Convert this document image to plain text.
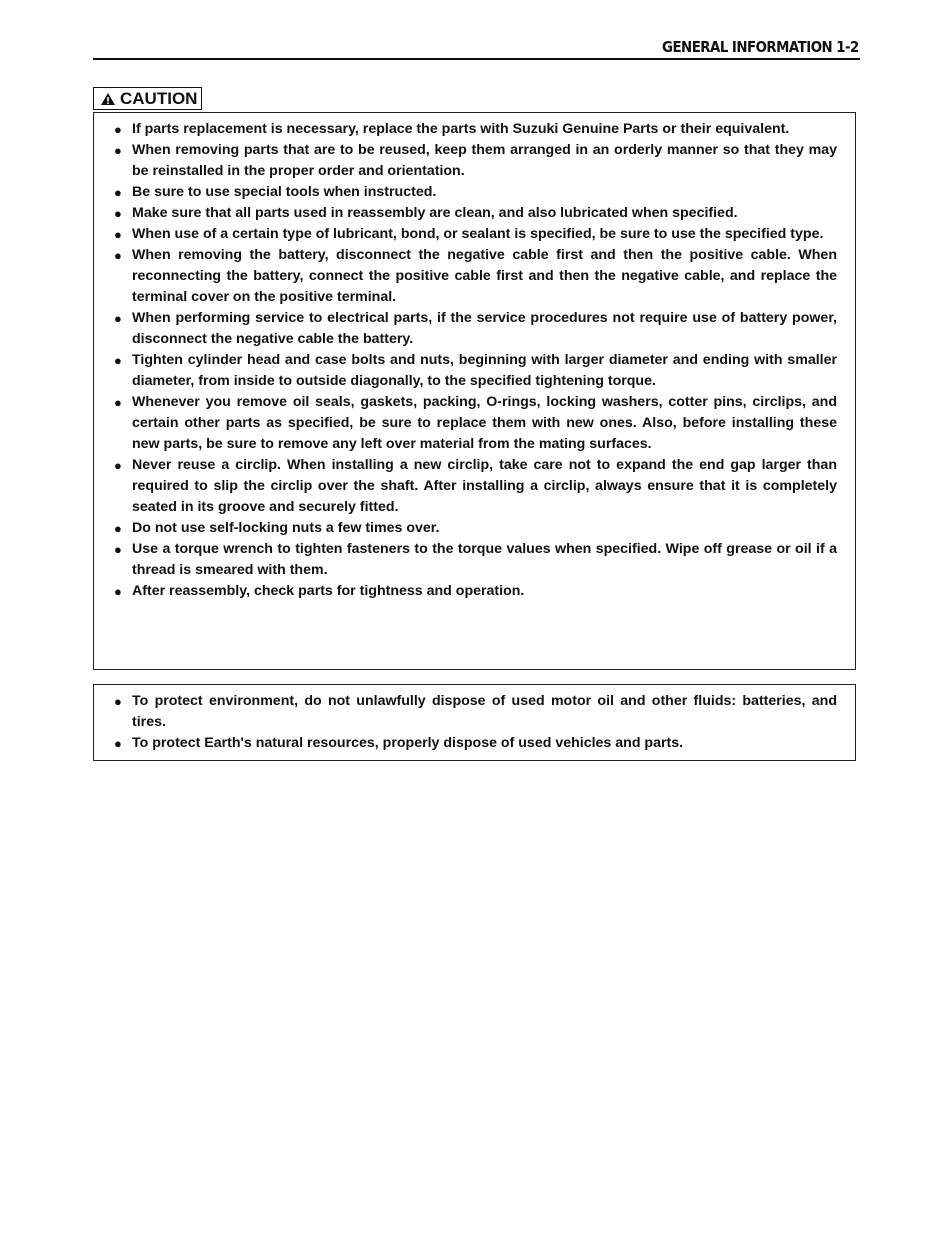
GENERAL INFORMATION 1-2
CAUTION
● If parts replacement is necessary, replace the parts with Suzuki Genuine Parts or their equivalent.
● When removing parts that are to be reused, keep them arranged in an orderly manner so that they may be reinstalled in the proper order and orientation.
● Be sure to use special tools when instructed.
● Make sure that all parts used in reassembly are clean, and also lubricated when specified.
● When use of a certain type of lubricant, bond, or sealant is specified, be sure to use the specified type.
● When removing the battery, disconnect the negative cable first and then the positive cable. When reconnecting the battery, connect the positive cable first and then the negative cable, and replace the terminal cover on the positive terminal.
● When performing service to electrical parts, if the service procedures not require use of battery power, disconnect the negative cable the battery.
● Tighten cylinder head and case bolts and nuts, beginning with larger diameter and ending with smaller diameter, from inside to outside diagonally, to the specified tightening torque.
● Whenever you remove oil seals, gaskets, packing, O-rings, locking washers, cotter pins, circlips, and certain other parts as specified, be sure to replace them with new ones. Also, before installing these new parts, be sure to remove any left over material from the mating surfaces.
● Never reuse a circlip. When installing a new circlip, take care not to expand the end gap larger than required to slip the circlip over the shaft. After installing a circlip, always ensure that it is completely seated in its groove and securely fitted.
● Do not use self-locking nuts a few times over.
● Use a torque wrench to tighten fasteners to the torque values when specified. Wipe off grease or oil if a thread is smeared with them.
● After reassembly, check parts for tightness and operation.
● To protect environment, do not unlawfully dispose of used motor oil and other fluids: batteries, and tires.
● To protect Earth's natural resources, properly dispose of used vehicles and parts.
